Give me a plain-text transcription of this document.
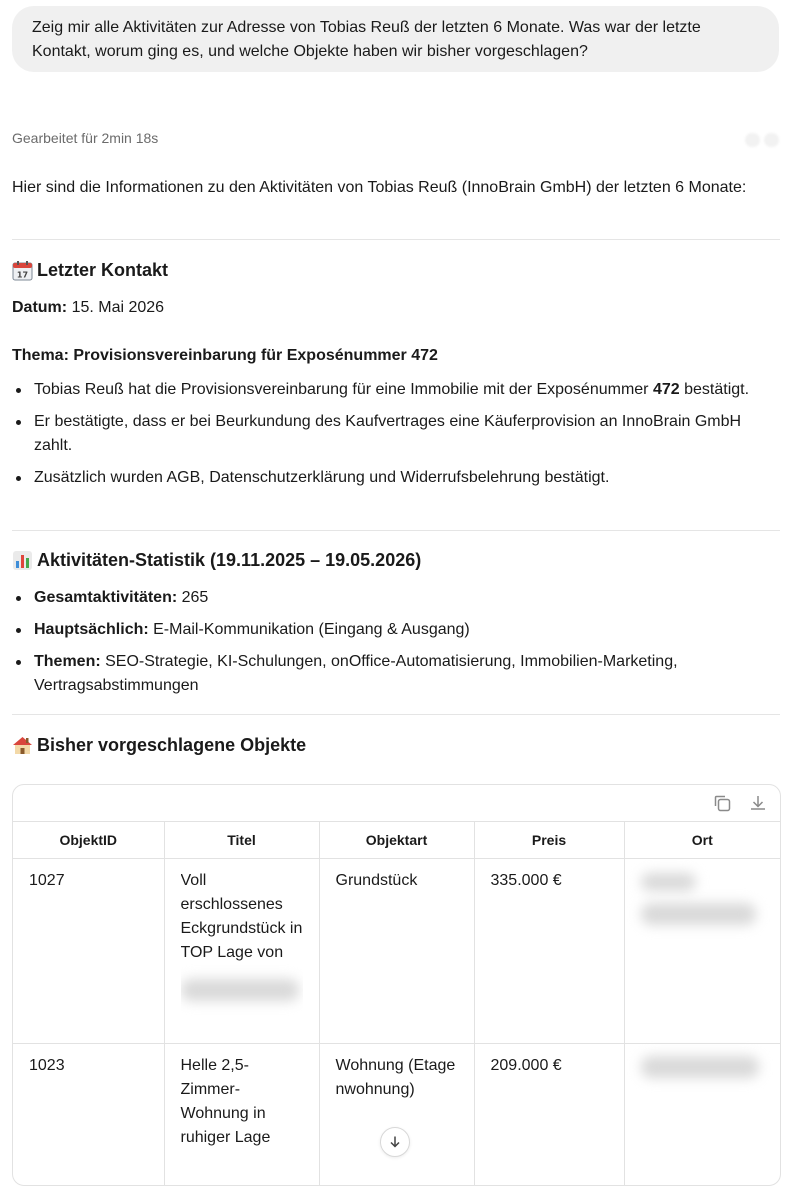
Zeig mir alle Aktivitäten zur Adresse von Tobias Reuß der letzten 6 Monate. Was war der letzte Kontakt, worum ging es, und welche Objekte haben wir bisher vorgeschlagen?
Gearbeitet für 2min 18s
Hier sind die Informationen zu den Aktivitäten von Tobias Reuß (InnoBrain GmbH) der letzten 6 Monate:
17 Letzter Kontakt
Datum: 15. Mai 2026
Thema: Provisionsvereinbarung für Exposénummer 472
Tobias Reuß hat die Provisionsvereinbarung für eine Immobilie mit der Exposénummer 472 bestätigt.
Er bestätigte, dass er bei Beurkundung des Kaufvertrages eine Käuferprovision an InnoBrain GmbH zahlt.
Zusätzlich wurden AGB, Datenschutzerklärung und Widerrufsbelehrung bestätigt.
Aktivitäten-Statistik (19.11.2025 – 19.05.2026)
Gesamtaktivitäten: 265
Hauptsächlich: E-Mail-Kommunikation (Eingang & Ausgang)
Themen: SEO-Strategie, KI-Schulungen, onOffice-Automatisierung, Immobilien-Marketing, Vertragsabstimmungen
Bisher vorgeschlagene Objekte
ObjektID	Titel	Objektart	Preis	Ort
1027	Voll erschlossenes Eckgrundstück in TOP Lage von	Grundstück	335.000 €	

1023	Helle 2,5-Zimmer-Wohnung in ruhiger Lage	Wohnung (Etagenwohnung)	209.000 €	
